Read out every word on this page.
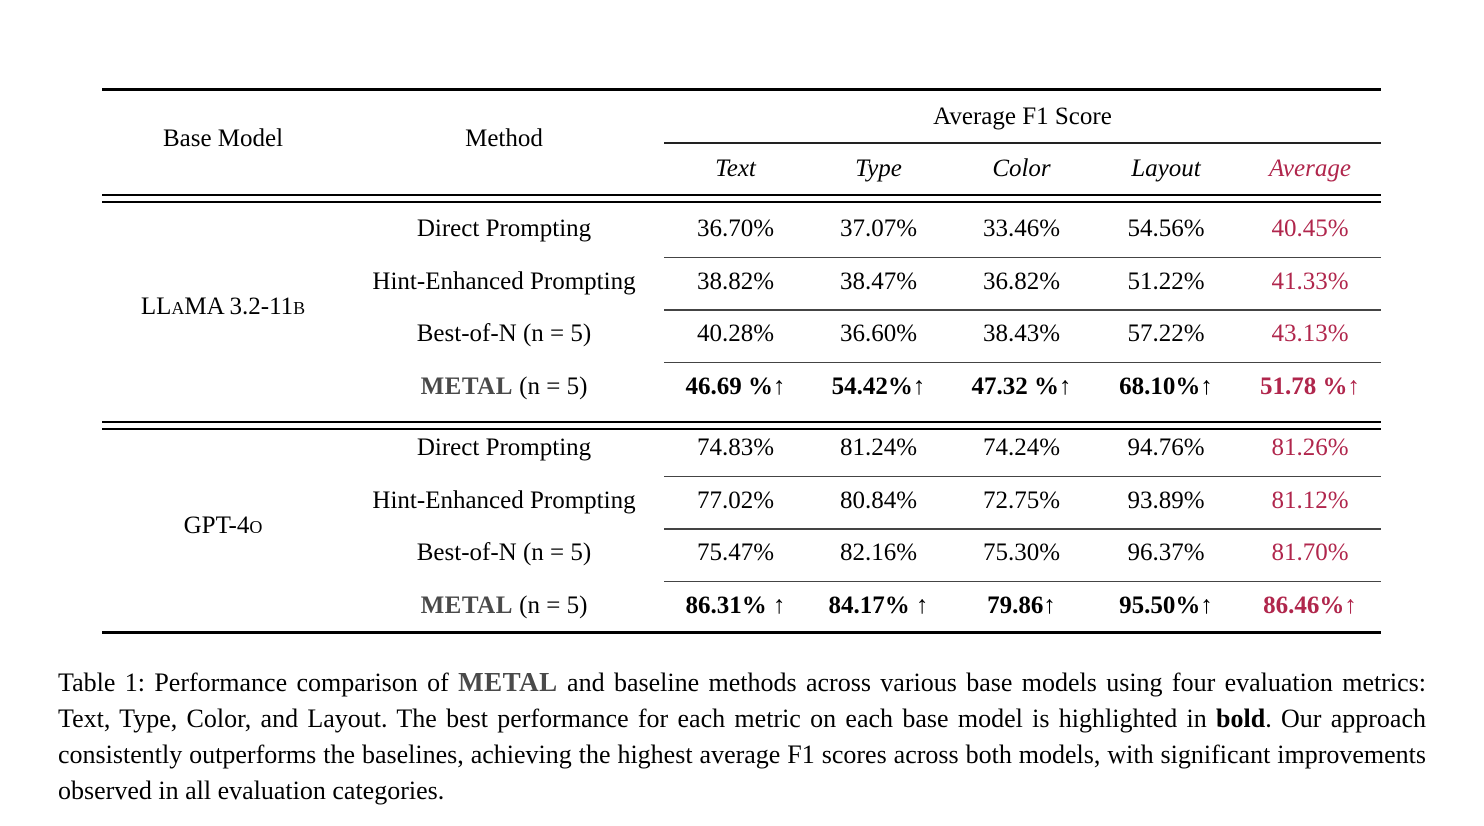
Base Model	Method
Average F1 Score
Text	Type	Color	Layout	Average
LLaMA 3.2-11b
Direct Prompting	36.70%	37.07%	33.46%	54.56%	40.45%
Hint-Enhanced Prompting	38.82%	38.47%	36.82%	51.22%	41.33%
Best-of-N (n = 5)	40.28%	36.60%	38.43%	57.22%	43.13%
METAL (n = 5)	46.69 %↑	54.42%↑	47.32 %↑	68.10%↑	51.78 %↑
GPT-4o
Direct Prompting	74.83%	81.24%	74.24%	94.76%	81.26%
Hint-Enhanced Prompting	77.02%	80.84%	72.75%	93.89%	81.12%
Best-of-N (n = 5)	75.47%	82.16%	75.30%	96.37%	81.70%
METAL (n = 5)	86.31% ↑	84.17% ↑	79.86↑	95.50%↑	86.46%↑
Table 1: Performance comparison of METAL and baseline methods across various base models using four evaluation metrics: Text, Type, Color, and Layout. The best performance for each metric on each base model is highlighted in bold. Our approach consistently outperforms the baselines, achieving the highest average F1 scores across both models, with significant improvements observed in all evaluation categories.
